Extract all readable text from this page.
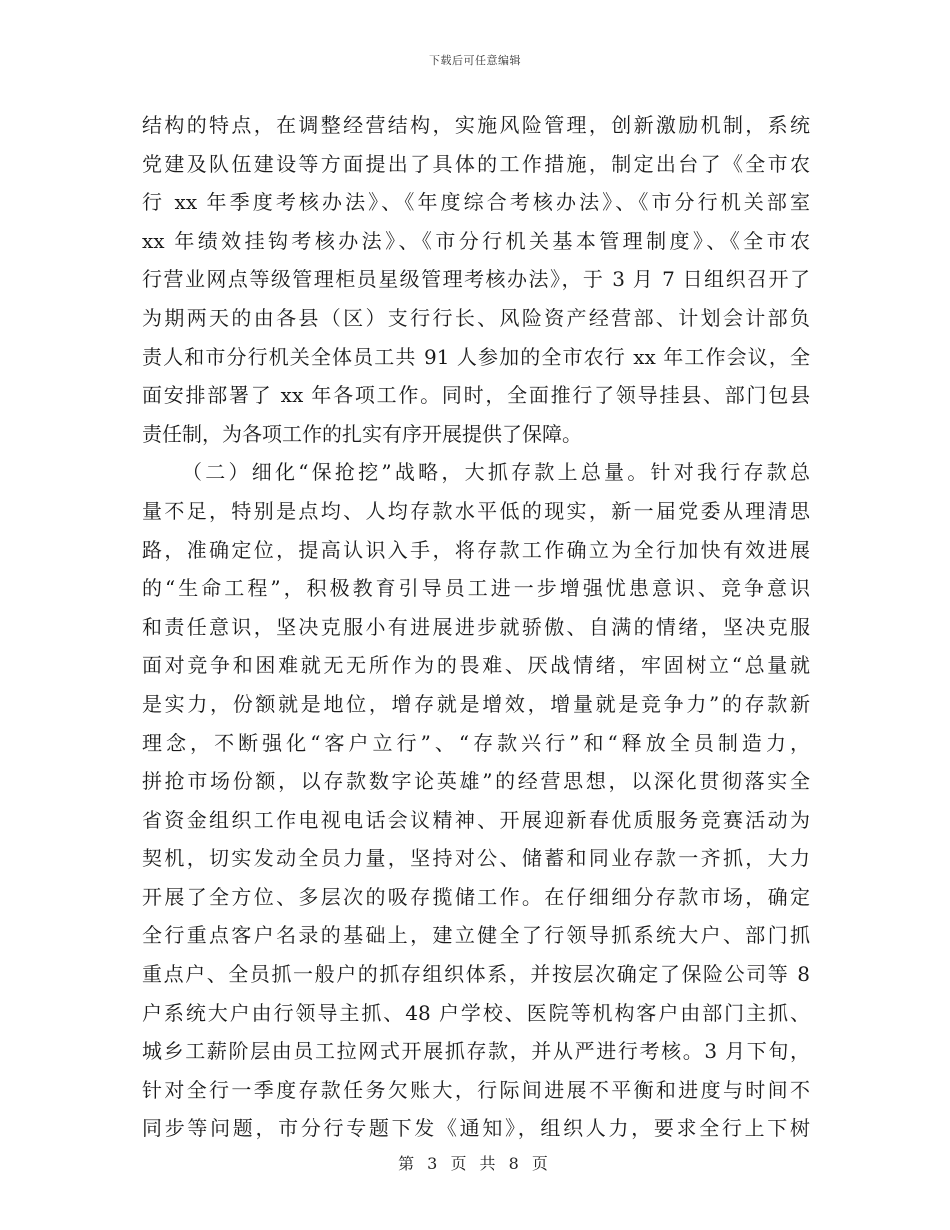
下载后可任意编辑
结构的特点，在调整经营结构，实施风险管理，创新激励机制，系统
党建及队伍建设等方面提出了具体的工作措施，制定出台了《全市农
行 xx 年季度考核办法》、《年度综合考核办法》、《市分行机关部室
xx 年绩效挂钩考核办法》、《市分行机关基本管理制度》、《全市农
行营业网点等级管理柜员星级管理考核办法》，于 3 月 7 日组织召开了
为期两天的由各县（区）支行行长、风险资产经营部、计划会计部负
责人和市分行机关全体员工共 91 人参加的全市农行 xx 年工作会议，全
面安排部署了 xx 年各项工作。同时，全面推行了领导挂县、部门包县
责任制，为各项工作的扎实有序开展提供了保障。
（二）细化“保抢挖”战略，大抓存款上总量。针对我行存款总
量不足，特别是点均、人均存款水平低的现实，新一届党委从理清思
路，准确定位，提高认识入手，将存款工作确立为全行加快有效进展
的“生命工程”，积极教育引导员工进一步增强忧患意识、竞争意识
和责任意识，坚决克服小有进展进步就骄傲、自满的情绪，坚决克服
面对竞争和困难就无无所作为的畏难、厌战情绪，牢固树立“总量就
是实力，份额就是地位，增存就是增效，增量就是竞争力”的存款新
理念，不断强化“客户立行”、“存款兴行”和“释放全员制造力，
拼抢市场份额，以存款数字论英雄”的经营思想，以深化贯彻落实全
省资金组织工作电视电话会议精神、开展迎新春优质服务竞赛活动为
契机，切实发动全员力量，坚持对公、储蓄和同业存款一齐抓，大力
开展了全方位、多层次的吸存揽储工作。在仔细细分存款市场，确定
全行重点客户名录的基础上，建立健全了行领导抓系统大户、部门抓
重点户、全员抓一般户的抓存组织体系，并按层次确定了保险公司等 8
户系统大户由行领导主抓、48 户学校、医院等机构客户由部门主抓、
城乡工薪阶层由员工拉网式开展抓存款，并从严进行考核。3 月下旬，
针对全行一季度存款任务欠账大，行际间进展不平衡和进度与时间不
同步等问题，市分行专题下发《通知》，组织人力，要求全行上下树
第 3 页 共 8 页
